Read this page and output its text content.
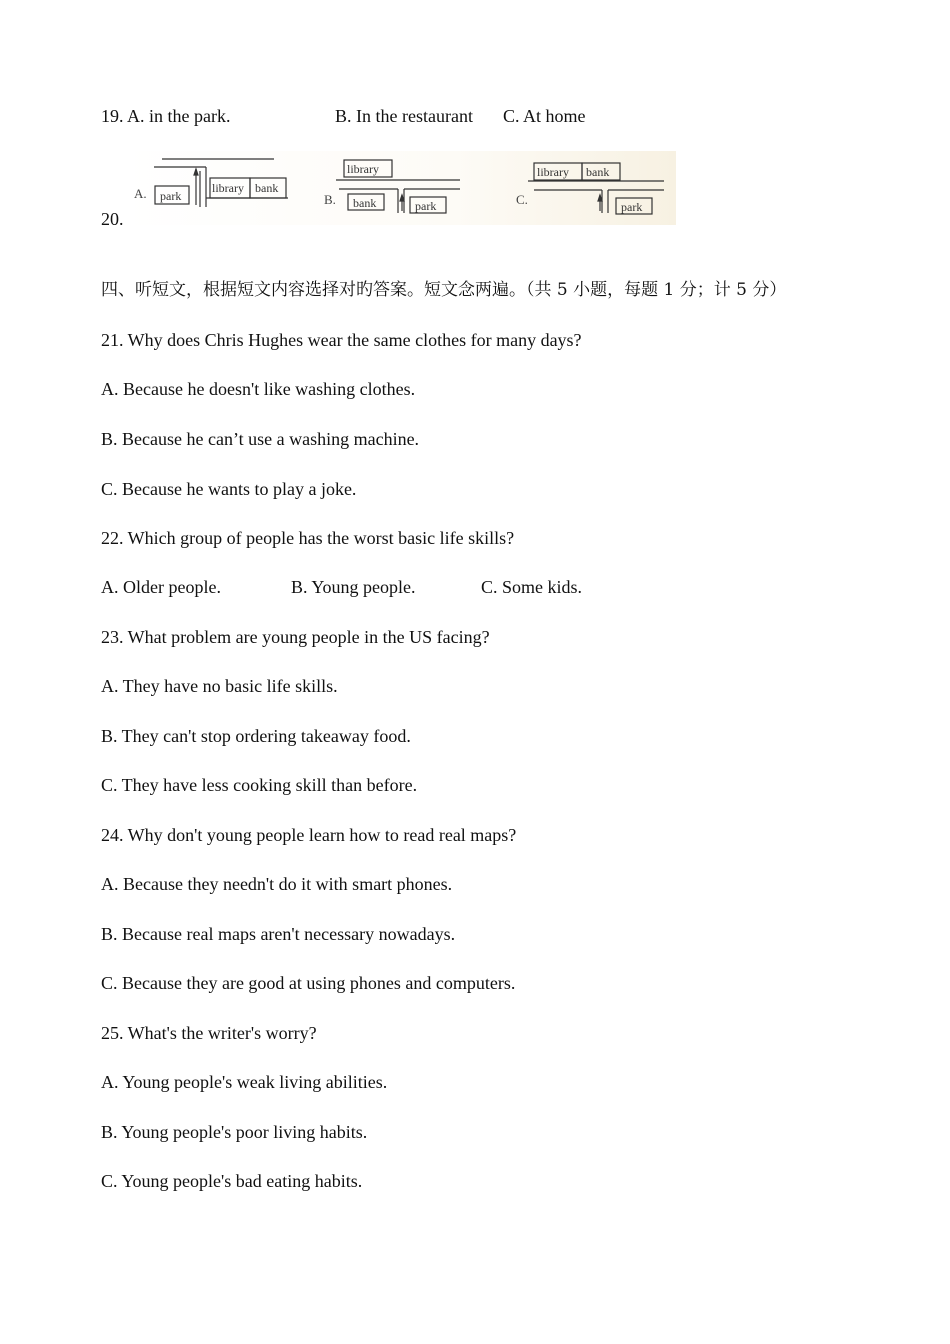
19. A. in the park.	B. In the restaurant C. At home
20.
A. park
library bank
B.
library
bank	park	C.
library bank
park
四、听短文，根据短文内容选择对旳答案。短文念两遍。（共 5 小题，每题 1 分；计 5 分）
21. Why does Chris Hughes wear the same clothes for many days?
A. Because he doesn't like washing clothes.
B. Because he can’t use a washing machine.
C. Because he wants to play a joke.
22. Which group of people has the worst basic life skills?
A. Older people.	B. Young people.	C. Some kids.
23. What problem are young people in the US facing?
A. They have no basic life skills.
B. They can't stop ordering takeaway food.
C. They have less cooking skill than before.
24. Why don't young people learn how to read real maps?
A. Because they needn't do it with smart phones.
B. Because real maps aren't necessary nowadays.
C. Because they are good at using phones and computers.
25. What's the writer's worry?
A. Young people's weak living abilities.
B. Young people's poor living habits.
C. Young people's bad eating habits.
